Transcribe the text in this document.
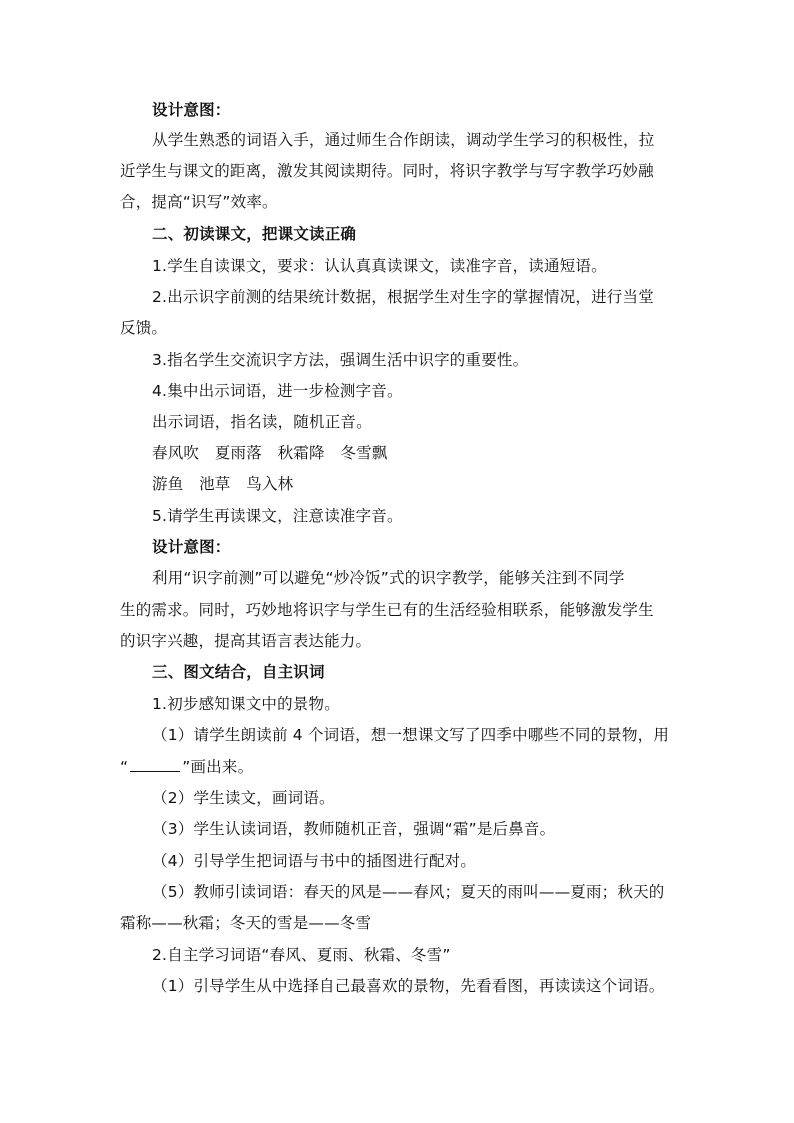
设计意图：
从学生熟悉的词语入手，通过师生合作朗读，调动学生学习的积极性，拉
近学生与课文的距离，激发其阅读期待。同时，将识字教学与写字教学巧妙融
合，提高“识写”效率。
二、初读课文，把课文读正确
1.学生自读课文，要求：认认真真读课文，读准字音，读通短语。
2.出示识字前测的结果统计数据，根据学生对生字的掌握情况，进行当堂
反馈。
3.指名学生交流识字方法，强调生活中识字的重要性。
4.集中出示词语，进一步检测字音。
出示词语，指名读，随机正音。
春风吹　夏雨落　秋霜降　冬雪飘
游鱼　池草　鸟入林
5.请学生再读课文，注意读准字音。
设计意图：
利用“识字前测”可以避免“炒冷饭”式的识字教学，能够关注到不同学
生的需求。同时，巧妙地将识字与学生已有的生活经验相联系，能够激发学生
的识字兴趣，提高其语言表达能力。
三、图文结合，自主识词
1.初步感知课文中的景物。
（1）请学生朗读前 4 个词语，想一想课文写了四季中哪些不同的景物，用
“	”画出来。
（2）学生读文，画词语。
（3）学生认读词语，教师随机正音，强调“霜”是后鼻音。
（4）引导学生把词语与书中的插图进行配对。
（5）教师引读词语：春天的风是——春风；夏天的雨叫——夏雨；秋天的
霜称——秋霜；冬天的雪是——冬雪
2.自主学习词语“春风、夏雨、秋霜、冬雪”
（1）引导学生从中选择自己最喜欢的景物，先看看图，再读读这个词语。
